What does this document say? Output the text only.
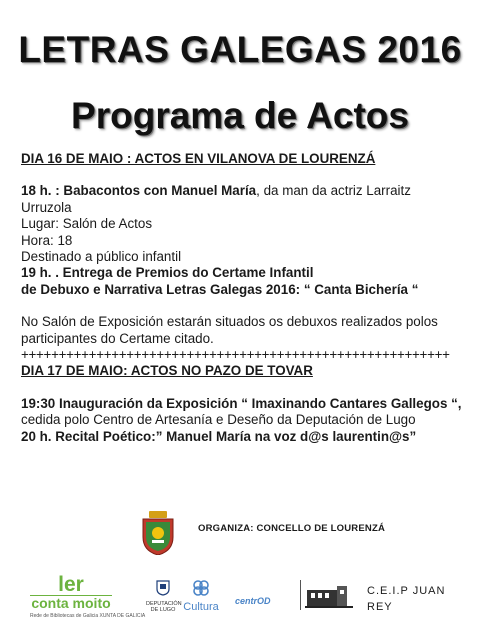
LETRAS GALEGAS 2016
Programa de Actos

DIA 16 DE MAIO : ACTOS EN VILANOVA DE LOURENZÁ

18 h. : Babacontos con Manuel María, da man da actriz Larraitz

Urruzola

Lugar: Salón de Actos

Hora: 18

Destinado a público infantil

19 h. . Entrega de Premios do Certame Infantil

de Debuxo e Narrativa Letras Galegas 2016: “ Canta Bichería “

No Salón de Exposición estarán situados os debuxos realizados polos

participantes do Certame citado.

+++++++++++++++++++++++++++++++++++++++++++++++++++++++++

DIA 17 DE MAIO: ACTOS NO PAZO DE TOVAR

19:30 Inauguración da Exposición “ Imaxinando Cantares Gallegos “,

cedida polo Centro de Artesanía e Deseño da Deputación de Lugo

20 h. Recital Poético:” Manuel María na voz d@s laurentin@s”

ORGANIZA: CONCELLO DE LOURENZÁ
ler
conta moito
Rede de Bibliotecas de Galicia XUNTA DE GALICIA
DEPUTACIÓN DE LUGO Cultura centrOD
C.E.I.P JUAN
REY
